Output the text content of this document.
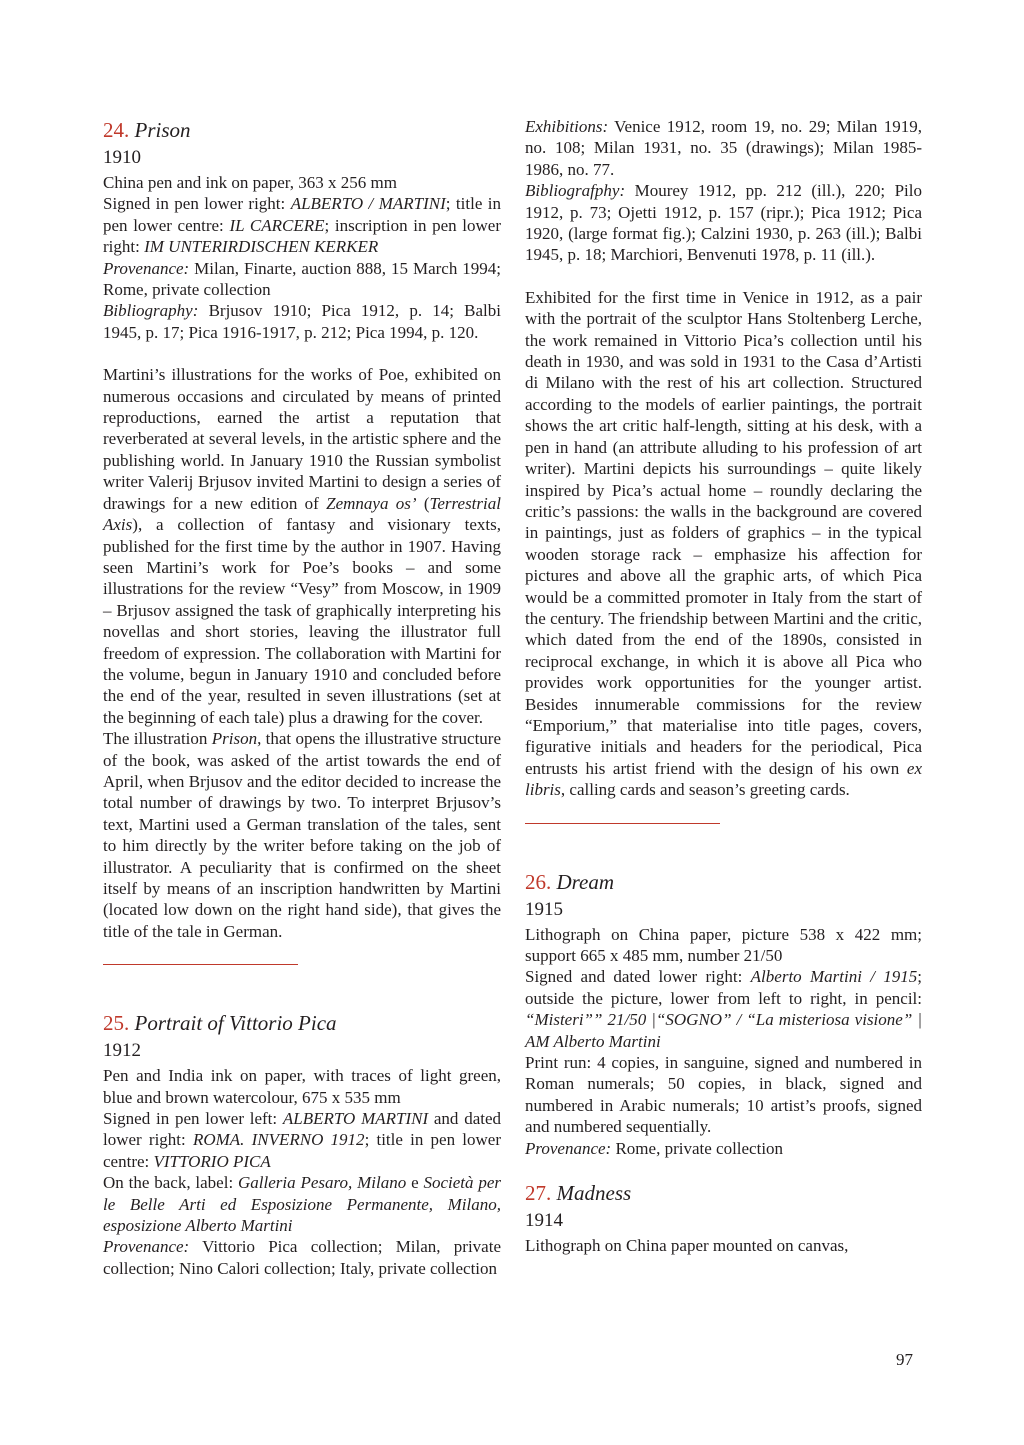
24. Prison
1910

China pen and ink on paper, 363 x 256 mm

Signed in pen lower right: ALBERTO / MARTINI; title in pen lower centre: IL CARCERE; inscription in pen lower right: IM UNTERIRDISCHEN KERKER

Provenance: Milan, Finarte, auction 888, 15 March 1994; Rome, private collection

Bibliography: Brjusov 1910; Pica 1912, p. 14; Balbi 1945, p. 17; Pica 1916-1917, p. 212; Pica 1994, p. 120.

Martini’s illustrations for the works of Poe, exhibited on numerous occasions and circulated by means of printed reproductions, earned the artist a reputation that reverberated at several levels, in the artistic sphere and the publishing world. In January 1910 the Russian symbolist writer Valerij Brjusov invited Martini to design a series of drawings for a new edition of Zemnaya os’ (Terrestrial Axis), a collection of fantasy and visionary texts, published for the first time by the author in 1907. Having seen Martini’s work for Poe’s books – and some illustrations for the review “Vesy” from Moscow, in 1909 – Brjusov assigned the task of graphically interpreting his novellas and short stories, leaving the illustrator full freedom of expression. The collaboration with Martini for the volume, begun in January 1910 and concluded before the end of the year, resulted in seven illustrations (set at the beginning of each tale) plus a drawing for the cover.

The illustration Prison, that opens the illustrative structure of the book, was asked of the artist towards the end of April, when Brjusov and the editor decided to increase the total number of drawings by two. To interpret Brjusov’s text, Martini used a German translation of the tales, sent to him directly by the writer before taking on the job of illustrator. A peculiarity that is confirmed on the sheet itself by means of an inscription handwritten by Martini (located low down on the right hand side), that gives the title of the tale in German.

25. Portrait of Vittorio Pica
1912

Pen and India ink on paper, with traces of light green, blue and brown watercolour, 675 x 535 mm

Signed in pen lower left: ALBERTO MARTINI and dated lower right: ROMA. INVERNO 1912; title in pen lower centre: VITTORIO PICA

On the back, label: Galleria Pesaro, Milano e Società per le Belle Arti ed Esposizione Permanente, Milano, esposizione Alberto Martini

Provenance: Vittorio Pica collection; Milan, private collection; Nino Calori collection; Italy, private collection

Exhibitions: Venice 1912, room 19, no. 29; Milan 1919, no. 108; Milan 1931, no. 35 (drawings); Milan 1985-1986, no. 77.

Bibliografphy: Mourey 1912, pp. 212 (ill.), 220; Pilo 1912, p. 73; Ojetti 1912, p. 157 (ripr.); Pica 1912; Pica 1920, (large format fig.); Calzini 1930, p. 263 (ill.); Balbi 1945, p. 18; Marchiori, Benvenuti 1978, p. 11 (ill.).

Exhibited for the first time in Venice in 1912, as a pair with the portrait of the sculptor Hans Stoltenberg Lerche, the work remained in Vittorio Pica’s collection until his death in 1930, and was sold in 1931 to the Casa d’Artisti di Milano with the rest of his art collection. Structured according to the models of earlier paintings, the portrait shows the art critic half-length, sitting at his desk, with a pen in hand (an attribute alluding to his profession of art writer). Martini depicts his surroundings – quite likely inspired by Pica’s actual home – roundly declaring the critic’s passions: the walls in the background are covered in paintings, just as folders of graphics – in the typical wooden storage rack – emphasize his affection for pictures and above all the graphic arts, of which Pica would be a committed promoter in Italy from the start of the century. The friendship between Martini and the critic, which dated from the end of the 1890s, consisted in reciprocal exchange, in which it is above all Pica who provides work opportunities for the younger artist. Besides innumerable commissions for the review “Emporium,” that materialise into title pages, covers, figurative initials and headers for the periodical, Pica entrusts his artist friend with the design of his own ex libris, calling cards and season’s greeting cards.

26. Dream
1915

Lithograph on China paper, picture 538 x 422 mm; support 665 x 485 mm, number 21/50

Signed and dated lower right: Alberto Martini / 1915; outside the picture, lower from left to right, in pencil: “Misteri”” 21/50 |“SOGNO” / “La misteriosa visione” | AM Alberto Martini

Print run: 4 copies, in sanguine, signed and numbered in Roman numerals; 50 copies, in black, signed and numbered in Arabic numerals; 10 artist’s proofs, signed and numbered sequentially.

Provenance: Rome, private collection

27. Madness
1914

Lithograph on China paper mounted on canvas,

97
